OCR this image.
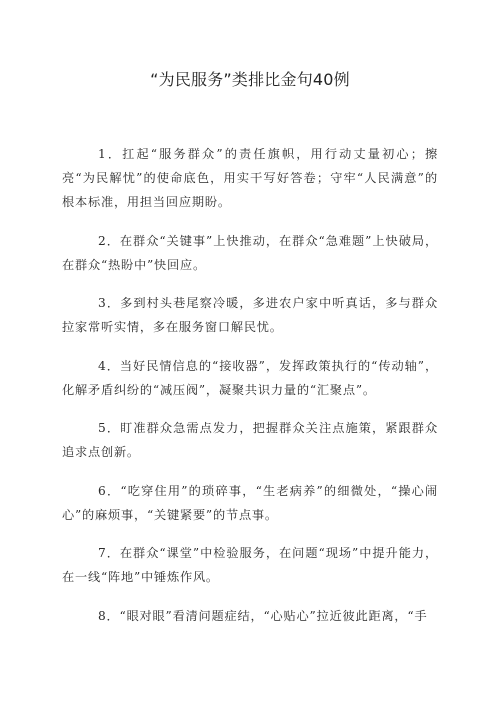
“为民服务”类排比金句40例

1．扛起“服务群众”的责任旗帜，用行动丈量初心；擦亮“为民解忧”的使命底色，用实干写好答卷；守牢“人民满意”的根本标准，用担当回应期盼。

2．在群众“关键事”上快推动，在群众“急难题”上快破局，在群众“热盼中”快回应。

3．多到村头巷尾察冷暖，多进农户家中听真话，多与群众拉家常听实情，多在服务窗口解民忧。

4．当好民情信息的“接收器”，发挥政策执行的“传动轴”，化解矛盾纠纷的“减压阀”，凝聚共识力量的“汇聚点”。

5．盯准群众急需点发力，把握群众关注点施策，紧跟群众追求点创新。

6．“吃穿住用”的琐碎事，“生老病养”的细微处，“操心闹心”的麻烦事，“关键紧要”的节点事。

7．在群众“课堂”中检验服务，在问题“现场”中提升能力，在一线“阵地”中锤炼作风。

8．“眼对眼”看清问题症结，“心贴心”拉近彼此距离，“手
